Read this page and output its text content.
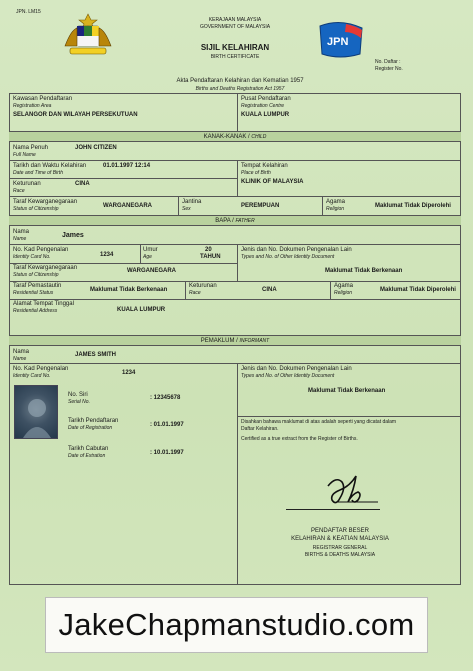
JPN. LM15
KERAJAAN MALAYSIA
GOVERNMENT OF MALAYSIA
SIJIL KELAHIRAN
BIRTH CERTIFICATE
JPN
No. Daftar :
Register No.
Akta Pendaftaran Kelahiran dan Kematian 1957
Births and Deaths Registration Act 1957
Kawasan Pendaftaran
Registration Area
SELANGOR DAN WILAYAH PERSEKUTUAN
Pusat Pendaftaran
Registration Centre
KUALA LUMPUR
KANAK-KANAK / CHILD
Nama Penuh
Full Name
JOHN CITIZEN
Tarikh dan Waktu Kelahiran
Date and Time of Birth
01.01.1997 12:14	Tempat Kelahiran
Place of Birth
KLINIK OF MALAYSIA
Keturunan
Race
CINA
Taraf Kewarganegaraan
Status of Citizenship	WARGANEGARA
Jantina
Sex	PEREMPUAN
Agama
Religion	Maklumat Tidak Diperolehi
BAPA / FATHER
Nama
Name	James
No. Kad Pengenalan
Identity Card No.	1234
Umur
Age
20
TAHUN
Jenis dan No. Dokumen Pengenalan Lain
Types and No. of Other Identity Document
Maklumat Tidak Berkenaan
Taraf Kewarganegaraan
Status of Citizenship
WARGANEGARA
Taraf Pemastautin
Residential Status	Maklumat Tidak Berkenaan
Keturunan
Race	CINA
Agama
Religion	Maklumat Tidak Diperolehi
Alamat Tempat Tinggal
Residential Address	KUALA LUMPUR
PEMAKLUM / INFORMANT
Nama
Name
JAMES SMITH
No. Kad Pengenalan
Identity Card No.	1234
Jenis dan No. Dokumen Pengenalan Lain
Types and No. of Other Identity Document
Maklumat Tidak Berkenaan
No. Siri
Serial No.
: 12345678
Tarikh Pendaftaran
Date of Registration	: 01.01.1997
Tarikh Cabutan
Date of Extration	: 10.01.1997
Disahkan bahawa maklumat di atas adalah seperti yang dicatat dalam
Daftar Kelahiran.
Certified as a true extract from the Register of Births.
PENDAFTAR BESER
KELAHIRAN & KEATIAN MALAYSIA
REGISTRAR GENERAL
BIRTHS & DEATHS MALAYSIA
JakeChapmanstudio.com
